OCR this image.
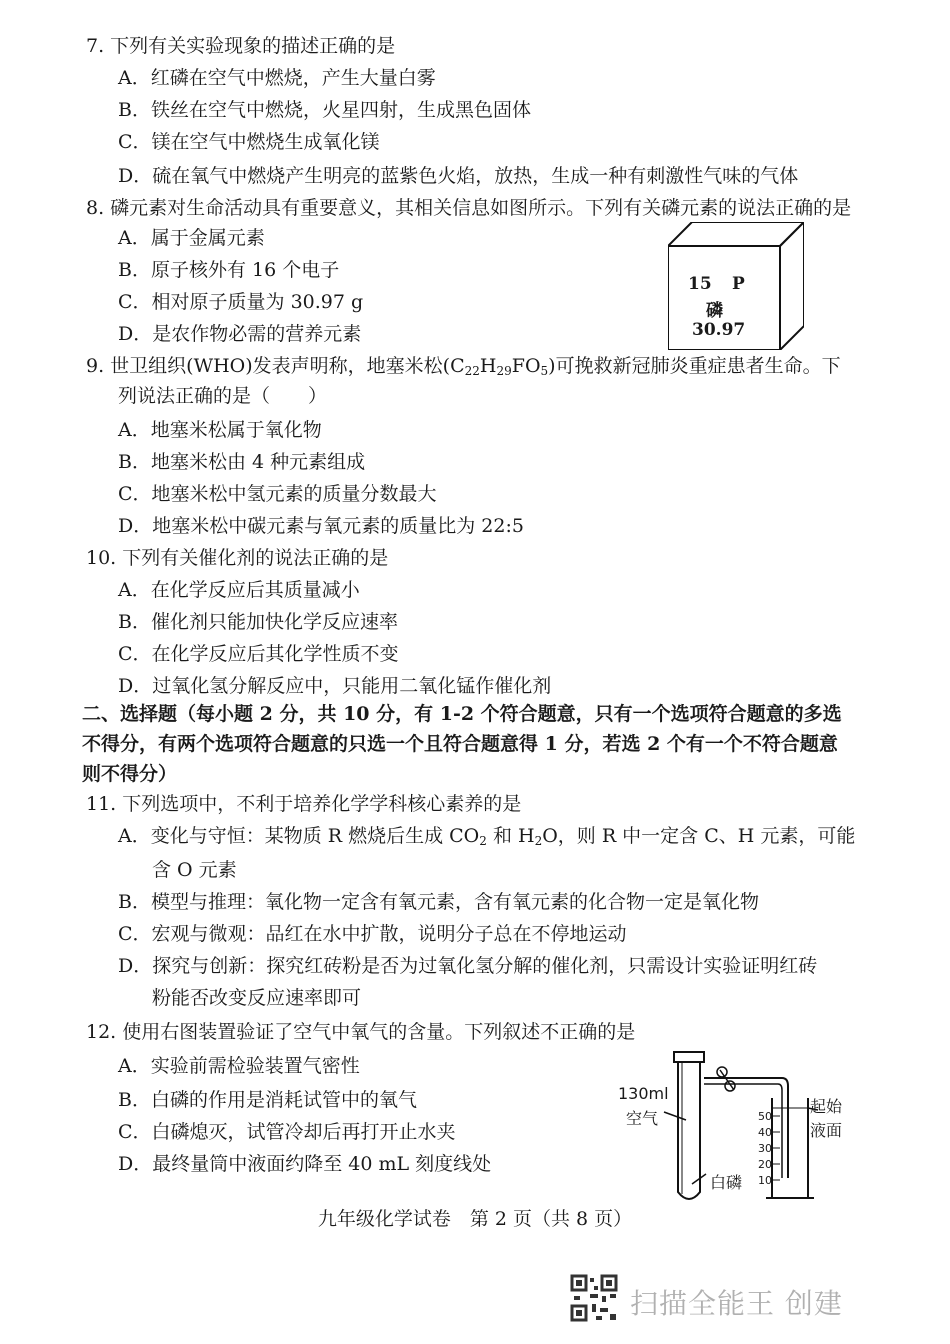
7. 下列有关实验现象的描述正确的是
A．红磷在空气中燃烧，产生大量白雾
B．铁丝在空气中燃烧，火星四射，生成黑色固体
C．镁在空气中燃烧生成氧化镁
D．硫在氧气中燃烧产生明亮的蓝紫色火焰，放热，生成一种有刺激性气味的气体
8. 磷元素对生命活动具有重要意义，其相关信息如图所示。下列有关磷元素的说法正确的是
A．属于金属元素
B．原子核外有 16 个电子
C．相对原子质量为 30.97 g
D．是农作物必需的营养元素
15 P
磷
30.97
9. 世卫组织(WHO)发表声明称，地塞米松$(C_{22}H_{29}FO_5)$可挽救新冠肺炎重症患者生命。下
列说法正确的是（　　）
A．地塞米松属于氧化物
B．地塞米松由 4 种元素组成
C．地塞米松中氢元素的质量分数最大
D．地塞米松中碳元素与氧元素的质量比为 22:5
10. 下列有关催化剂的说法正确的是
A．在化学反应后其质量减小
B．催化剂只能加快化学反应速率
C．在化学反应后其化学性质不变
D．过氧化氢分解反应中，只能用二氧化锰作催化剂
二、选择题（每小题 2 分，共 10 分，有 1-2 个符合题意，只有一个选项符合题意的多选
不得分，有两个选项符合题意的只选一个且符合题意得 1 分，若选 2 个有一个不符合题意
则不得分）
11. 下列选项中，不利于培养化学学科核心素养的是
A．变化与守恒：某物质 R 燃烧后生成 $CO_2$ 和 $H_2O$，则 R 中一定含 C、H 元素，可能
含 O 元素
B．模型与推理：氧化物一定含有氧元素，含有氧元素的化合物一定是氧化物
C．宏观与微观：品红在水中扩散，说明分子总在不停地运动
D．探究与创新：探究红砖粉是否为过氧化氢分解的催化剂，只需设计实验证明红砖
粉能否改变反应速率即可
12. 使用右图装置验证了空气中氧气的含量。下列叙述不正确的是
A．实验前需检验装置气密性
B．白磷的作用是消耗试管中的氧气
C．白磷熄灭，试管冷却后再打开止水夹
D．最终量筒中液面约降至 40 mL 刻度线处
130ml
空气
白磷
起始
液面
50
40
30
20
10
九年级化学试卷　第 2 页（共 8 页）
扫描全能王 创建
